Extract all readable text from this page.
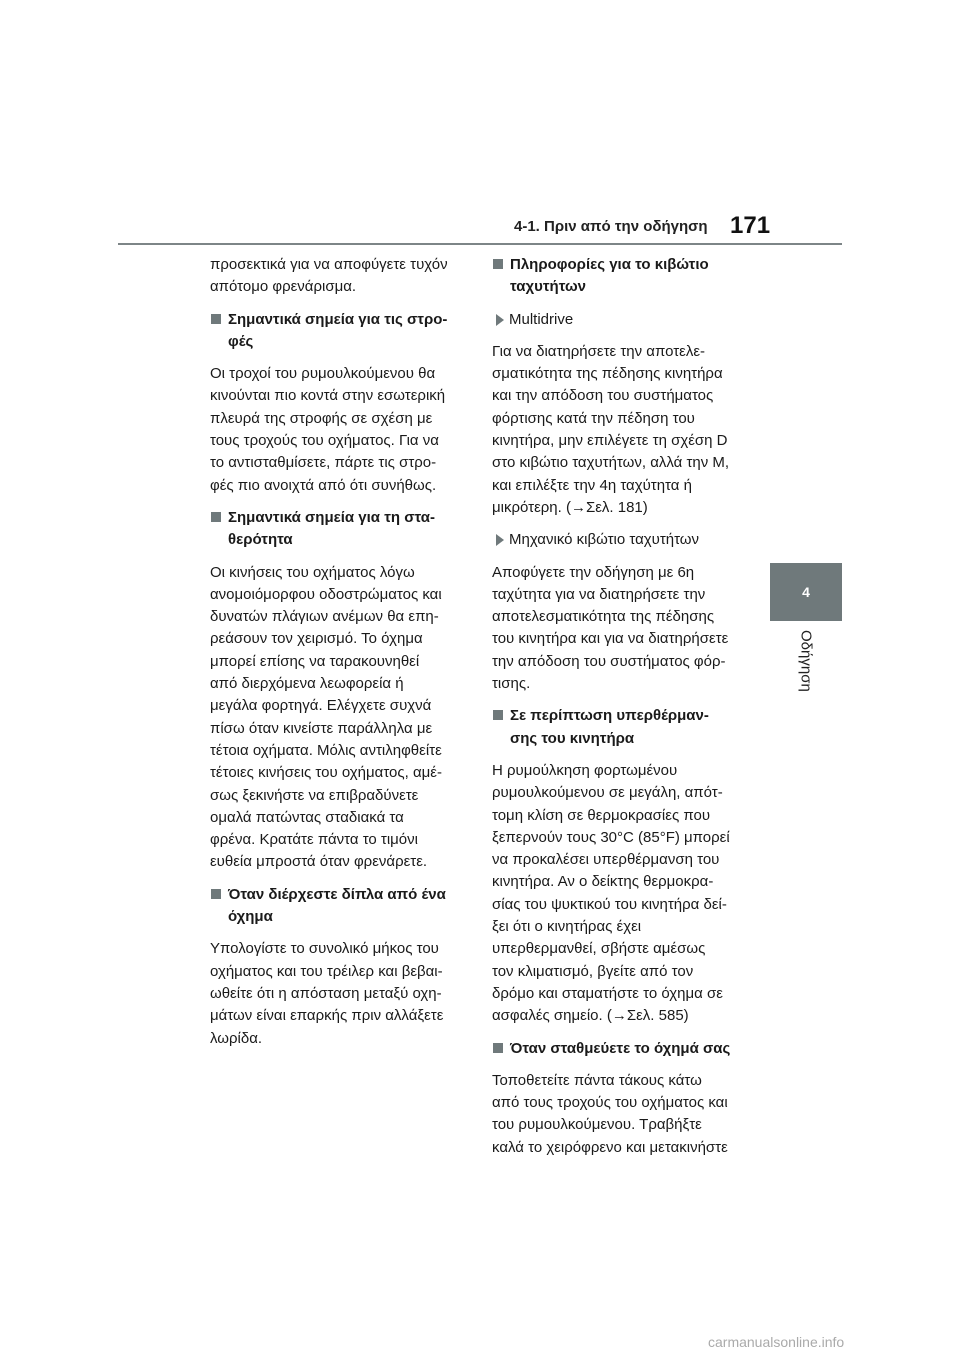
4-1. Πριν από την οδήγηση 171
4
Οδήγηση
προσεκτικά για να αποφύγετε τυχόν
απότομο φρενάρισμα.
Σημαντικά σημεία για τις στρο-
φές
Οι τροχοί του ρυμουλκούμενου θα
κινούνται πιο κοντά στην εσωτερική
πλευρά της στροφής σε σχέση με
τους τροχούς του οχήματος. Για να
το αντισταθμίσετε, πάρτε τις στρο-
φές πιο ανοιχτά από ότι συνήθως.
Σημαντικά σημεία για τη στα-
θερότητα
Οι κινήσεις του οχήματος λόγω
ανομοιόμορφου οδοστρώματος και
δυνατών πλάγιων ανέμων θα επη-
ρεάσουν τον χειρισμό. Το όχημα
μπορεί επίσης να ταρακουνηθεί
από διερχόμενα λεωφορεία ή
μεγάλα φορτηγά. Ελέγχετε συχνά
πίσω όταν κινείστε παράλληλα με
τέτοια οχήματα. Μόλις αντιληφθείτε
τέτοιες κινήσεις του οχήματος, αμέ-
σως ξεκινήστε να επιβραδύνετε
ομαλά πατώντας σταδιακά τα
φρένα. Κρατάτε πάντα το τιμόνι
ευθεία μπροστά όταν φρενάρετε.
Όταν διέρχεστε δίπλα από ένα
όχημα
Υπολογίστε το συνολικό μήκος του
οχήματος και του τρέιλερ και βεβαι-
ωθείτε ότι η απόσταση μεταξύ οχη-
μάτων είναι επαρκής πριν αλλάξετε
λωρίδα.
Πληροφορίες για το κιβώτιο
ταχυτήτων
Multidrive
Για να διατηρήσετε την αποτελε-
σματικότητα της πέδησης κινητήρα
και την απόδοση του συστήματος
φόρτισης κατά την πέδηση του
κινητήρα, μην επιλέγετε τη σχέση D
στο κιβώτιο ταχυτήτων, αλλά την M,
και επιλέξτε την 4η ταχύτητα ή
μικρότερη. (→Σελ. 181)
Μηχανικό κιβώτιο ταχυτήτων
Αποφύγετε την οδήγηση με 6η
ταχύτητα για να διατηρήσετε την
αποτελεσματικότητα της πέδησης
του κινητήρα και για να διατηρήσετε
την απόδοση του συστήματος φόρ-
τισης.
Σε περίπτωση υπερθέρμαν-
σης του κινητήρα
Η ρυμούλκηση φορτωμένου
ρυμουλκούμενου σε μεγάλη, απότ-
τομη κλίση σε θερμοκρασίες που
ξεπερνούν τους 30°C (85°F) μπορεί
να προκαλέσει υπερθέρμανση του
κινητήρα. Αν ο δείκτης θερμοκρα-
σίας του ψυκτικού του κινητήρα δεί-
ξει ότι ο κινητήρας έχει
υπερθερμανθεί, σβήστε αμέσως
τον κλιματισμό, βγείτε από τον
δρόμο και σταματήστε το όχημα σε
ασφαλές σημείο. (→Σελ. 585)
Όταν σταθμεύετε το όχημά σας
Τοποθετείτε πάντα τάκους κάτω
από τους τροχούς του οχήματος και
του ρυμουλκούμενου. Τραβήξτε
καλά το χειρόφρενο και μετακινήστε
carmanualsonline.info
